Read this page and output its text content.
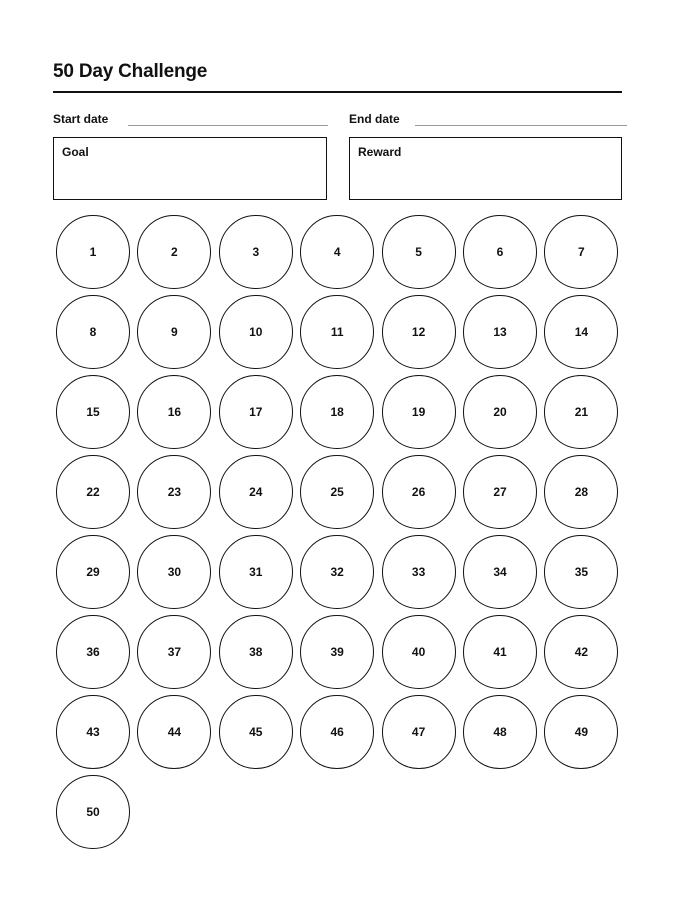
50 Day Challenge
Start date	End date
Goal	Reward
1	2	3	4	5	6	7
8	9	10	11	12	13	14
15	16	17	18	19	20	21
22	23	24	25	26	27	28
29	30	31	32	33	34	35
36	37	38	39	40	41	42
43	44	45	46	47	48	49
50
